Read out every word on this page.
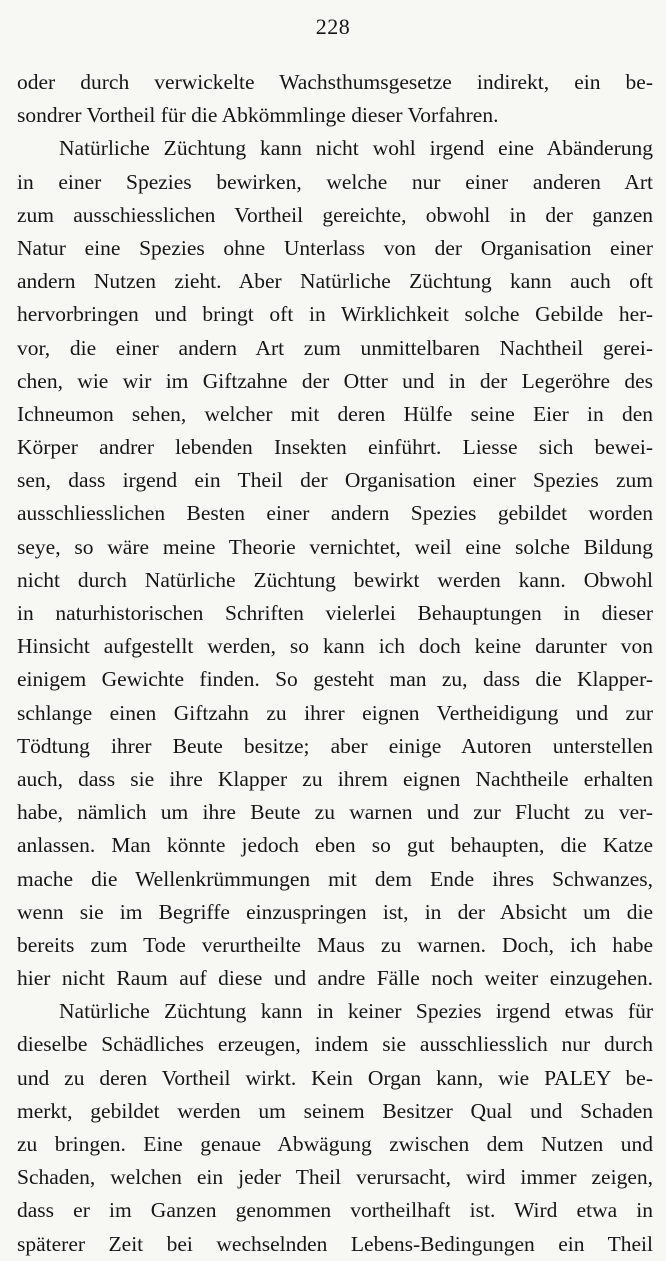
228
oder durch verwickelte Wachsthumsgesetze indirekt, ein be-
sondrer Vortheil für die Abkömmlinge dieser Vorfahren.
Natürliche Züchtung kann nicht wohl irgend eine Abänderung
in einer Spezies bewirken, welche nur einer anderen Art
zum ausschiesslichen Vortheil gereichte, obwohl in der ganzen
Natur eine Spezies ohne Unterlass von der Organisation einer
andern Nutzen zieht. Aber Natürliche Züchtung kann auch oft
hervorbringen und bringt oft in Wirklichkeit solche Gebilde her-
vor, die einer andern Art zum unmittelbaren Nachtheil gerei-
chen, wie wir im Giftzahne der Otter und in der Legeröhre des
Ichneumon sehen, welcher mit deren Hülfe seine Eier in den
Körper andrer lebenden Insekten einführt. Liesse sich bewei-
sen, dass irgend ein Theil der Organisation einer Spezies zum
ausschliesslichen Besten einer andern Spezies gebildet worden
seye, so wäre meine Theorie vernichtet, weil eine solche Bildung
nicht durch Natürliche Züchtung bewirkt werden kann. Obwohl
in naturhistorischen Schriften vielerlei Behauptungen in dieser
Hinsicht aufgestellt werden, so kann ich doch keine darunter von
einigem Gewichte finden. So gesteht man zu, dass die Klapper-
schlange einen Giftzahn zu ihrer eignen Vertheidigung und zur
Tödtung ihrer Beute besitze; aber einige Autoren unterstellen
auch, dass sie ihre Klapper zu ihrem eignen Nachtheile erhalten
habe, nämlich um ihre Beute zu warnen und zur Flucht zu ver-
anlassen. Man könnte jedoch eben so gut behaupten, die Katze
mache die Wellenkrümmungen mit dem Ende ihres Schwanzes,
wenn sie im Begriffe einzuspringen ist, in der Absicht um die
bereits zum Tode verurtheilte Maus zu warnen. Doch, ich habe
hier nicht Raum auf diese und andre Fälle noch weiter einzugehen.
Natürliche Züchtung kann in keiner Spezies irgend etwas für
dieselbe Schädliches erzeugen, indem sie ausschliesslich nur durch
und zu deren Vortheil wirkt. Kein Organ kann, wie PALEY be-
merkt, gebildet werden um seinem Besitzer Qual und Schaden
zu bringen. Eine genaue Abwägung zwischen dem Nutzen und
Schaden, welchen ein jeder Theil verursacht, wird immer zeigen,
dass er im Ganzen genommen vortheilhaft ist. Wird etwa in
späterer Zeit bei wechselnden Lebens-Bedingungen ein Theil
